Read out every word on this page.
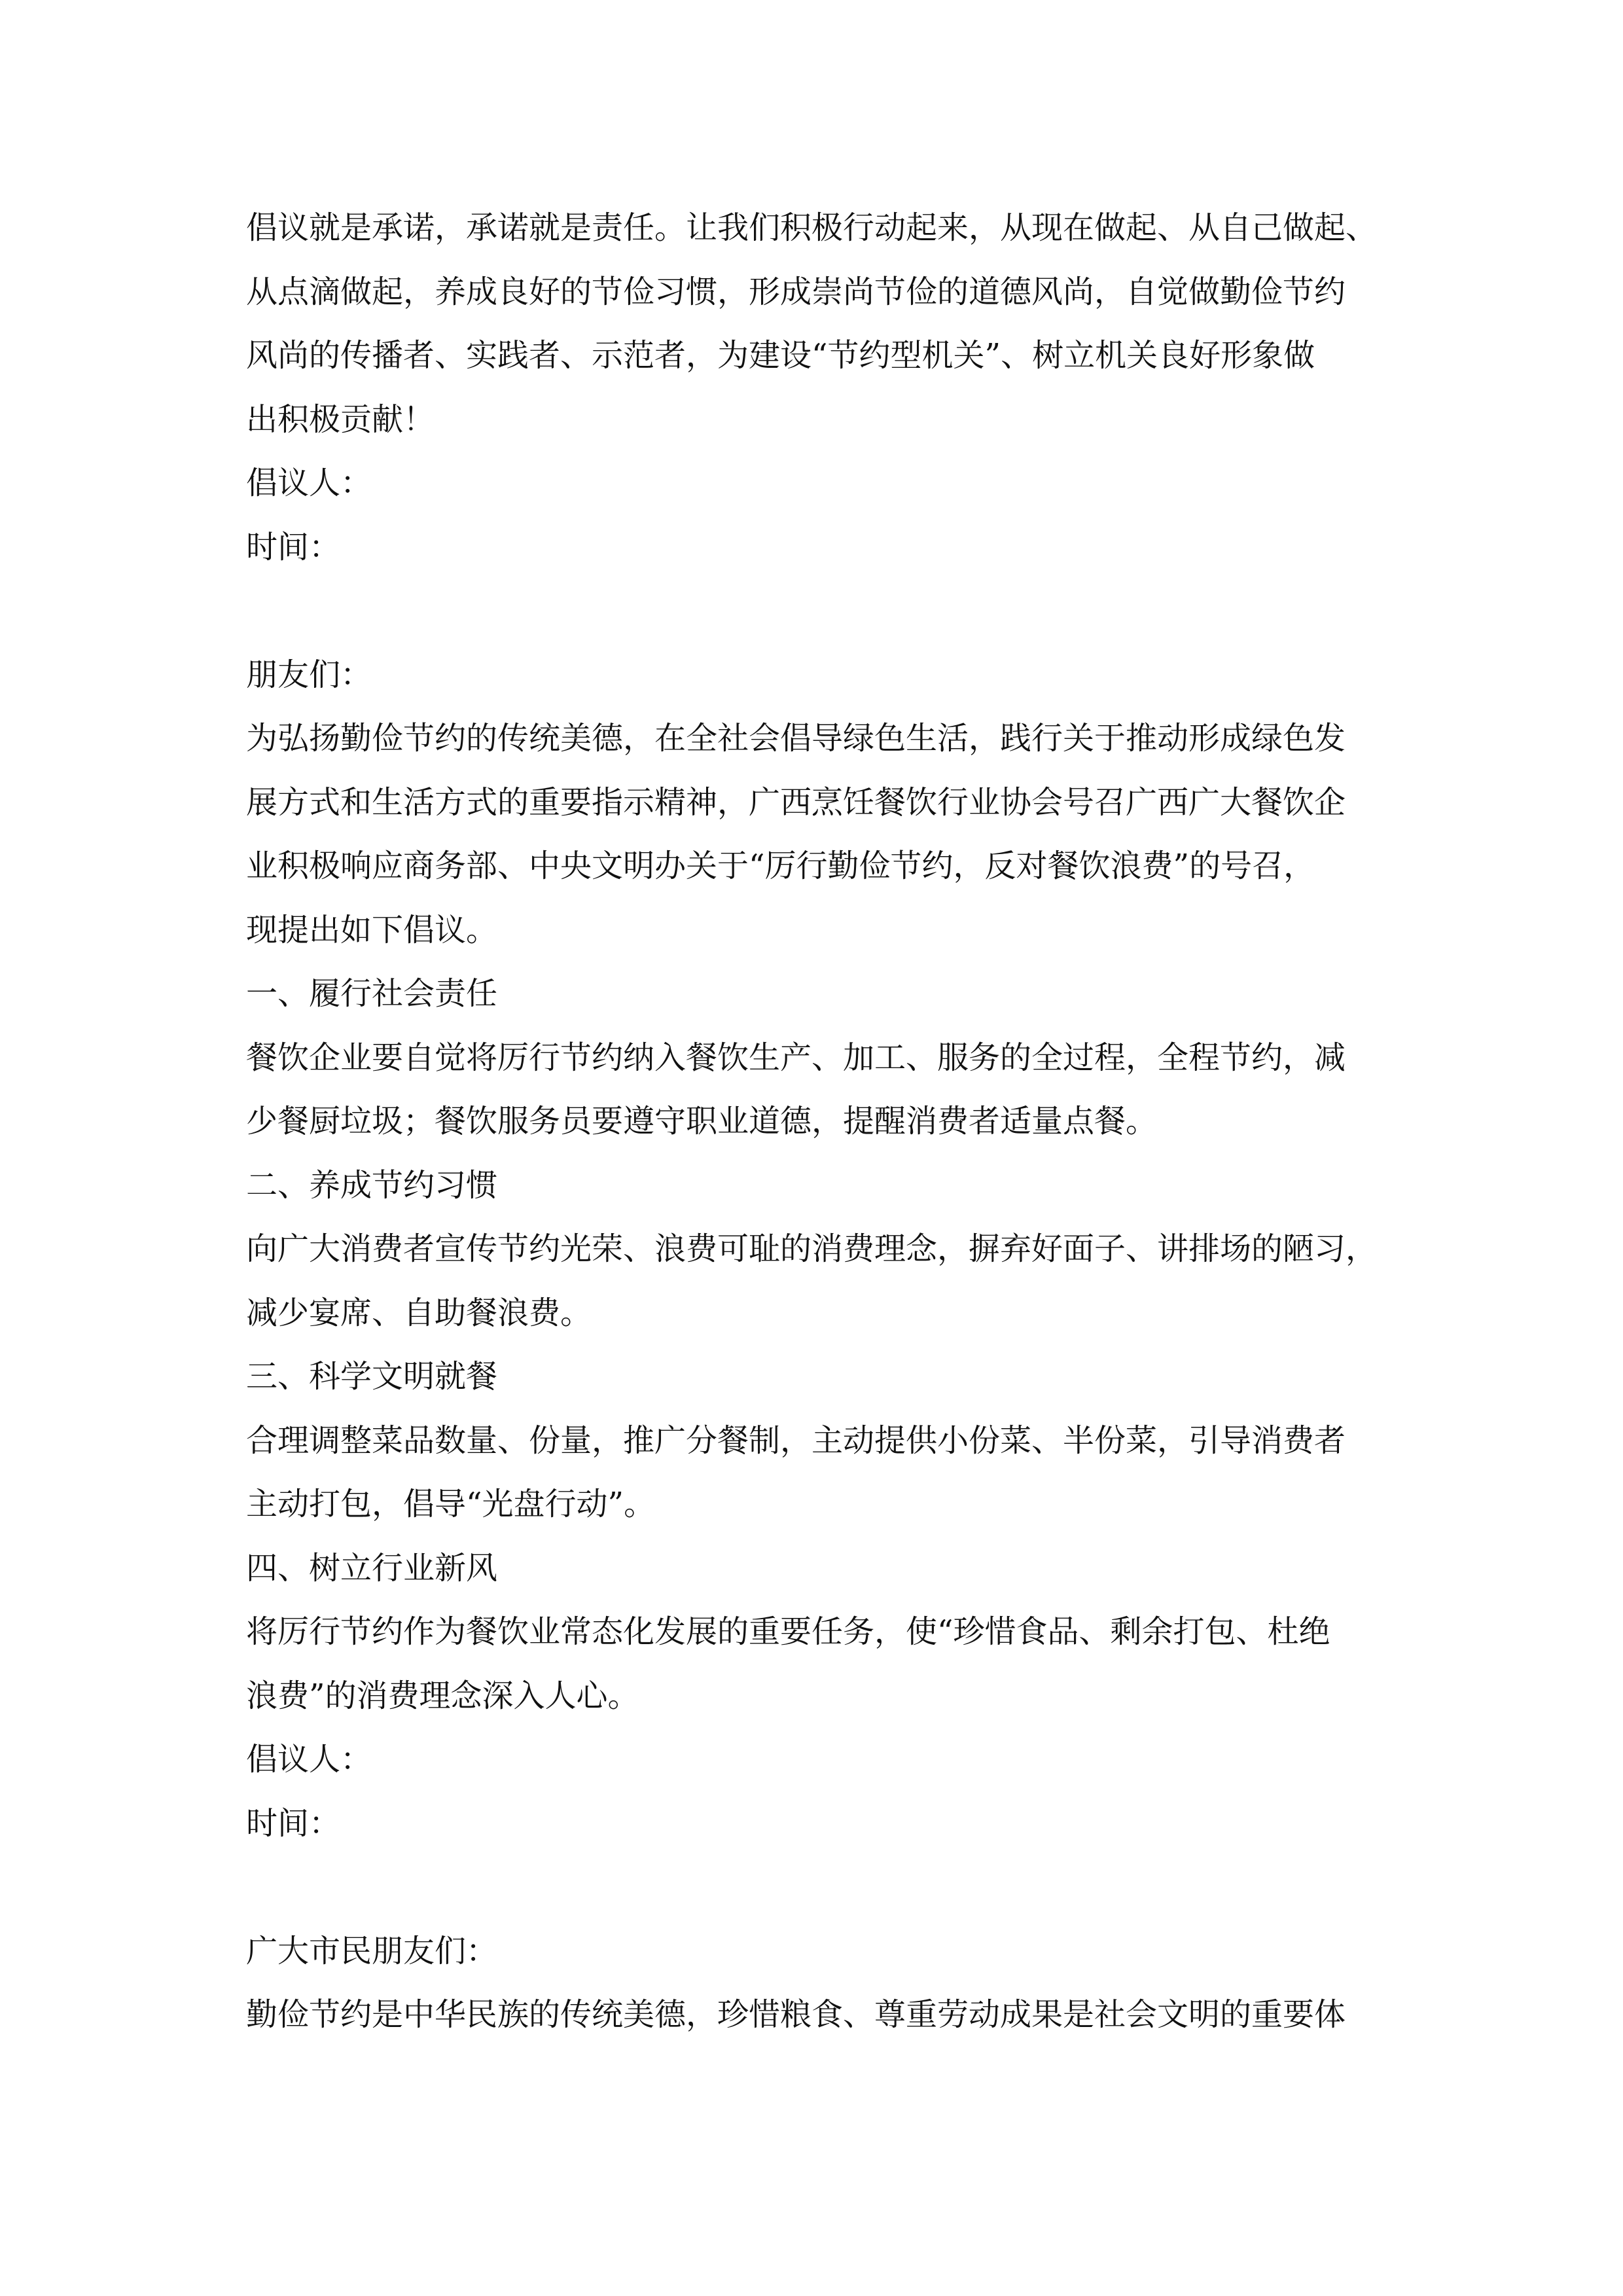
倡议就是承诺，承诺就是责任。让我们积极行动起来，从现在做起、从自己做起、
从点滴做起，养成良好的节俭习惯，形成崇尚节俭的道德风尚，自觉做勤俭节约
风尚的传播者、实践者、示范者，为建设“节约型机关”、树立机关良好形象做
出积极贡献！
倡议人：
时间：
朋友们：
为弘扬勤俭节约的传统美德，在全社会倡导绿色生活，践行关于推动形成绿色发
展方式和生活方式的重要指示精神，广西烹饪餐饮行业协会号召广西广大餐饮企
业积极响应商务部、中央文明办关于“厉行勤俭节约，反对餐饮浪费”的号召，
现提出如下倡议。
一、履行社会责任
餐饮企业要自觉将厉行节约纳入餐饮生产、加工、服务的全过程，全程节约，减
少餐厨垃圾；餐饮服务员要遵守职业道德，提醒消费者适量点餐。
二、养成节约习惯
向广大消费者宣传节约光荣、浪费可耻的消费理念，摒弃好面子、讲排场的陋习，
减少宴席、自助餐浪费。
三、科学文明就餐
合理调整菜品数量、份量，推广分餐制，主动提供小份菜、半份菜，引导消费者
主动打包，倡导“光盘行动”。
四、树立行业新风
将厉行节约作为餐饮业常态化发展的重要任务，使“珍惜食品、剩余打包、杜绝
浪费”的消费理念深入人心。
倡议人：
时间：
广大市民朋友们：
勤俭节约是中华民族的传统美德，珍惜粮食、尊重劳动成果是社会文明的重要体
